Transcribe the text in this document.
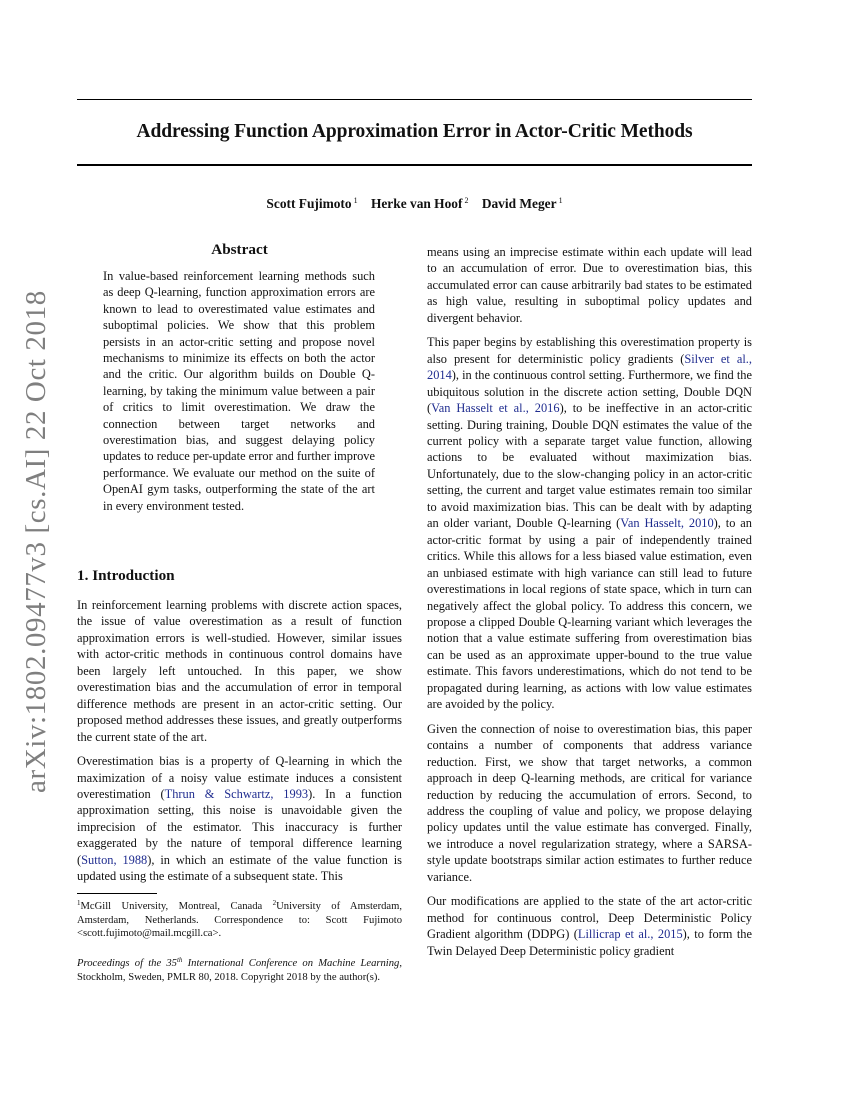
Addressing Function Approximation Error in Actor-Critic Methods
Scott Fujimoto $^1$ Herke van Hoof $^2$ David Meger $^1$
arXiv:1802.09477v3 [cs.AI] 22 Oct 2018
Abstract
In value-based reinforcement learning methods such as deep Q-learning, function approximation errors are known to lead to overestimated value estimates and suboptimal policies. We show that this problem persists in an actor-critic setting and propose novel mechanisms to minimize its effects on both the actor and the critic. Our algorithm builds on Double Q-learning, by taking the minimum value between a pair of critics to limit overestimation. We draw the connection between target networks and overestimation bias, and suggest delaying policy updates to reduce per-update error and further improve performance. We evaluate our method on the suite of OpenAI gym tasks, outperforming the state of the art in every environment tested.
1. Introduction

In reinforcement learning problems with discrete action spaces, the issue of value overestimation as a result of function approximation errors is well-studied. However, similar issues with actor-critic methods in continuous control domains have been largely left untouched. In this paper, we show overestimation bias and the accumulation of error in temporal difference methods are present in an actor-critic setting. Our proposed method addresses these issues, and greatly outperforms the current state of the art.

Overestimation bias is a property of Q-learning in which the maximization of a noisy value estimate induces a consistent overestimation (Thrun & Schwartz, 1993). In a function approximation setting, this noise is unavoidable given the imprecision of the estimator. This inaccuracy is further exaggerated by the nature of temporal difference learning (Sutton, 1988), in which an estimate of the value function is updated using the estimate of a subsequent state. This

means using an imprecise estimate within each update will lead to an accumulation of error. Due to overestimation bias, this accumulated error can cause arbitrarily bad states to be estimated as high value, resulting in suboptimal policy updates and divergent behavior.

This paper begins by establishing this overestimation property is also present for deterministic policy gradients (Silver et al., 2014), in the continuous control setting. Furthermore, we find the ubiquitous solution in the discrete action setting, Double DQN (Van Hasselt et al., 2016), to be ineffective in an actor-critic setting. During training, Double DQN estimates the value of the current policy with a separate target value function, allowing actions to be evaluated without maximization bias. Unfortunately, due to the slow-changing policy in an actor-critic setting, the current and target value estimates remain too similar to avoid maximization bias. This can be dealt with by adapting an older variant, Double Q-learning (Van Hasselt, 2010), to an actor-critic format by using a pair of independently trained critics. While this allows for a less biased value estimation, even an unbiased estimate with high variance can still lead to future overestimations in local regions of state space, which in turn can negatively affect the global policy. To address this concern, we propose a clipped Double Q-learning variant which leverages the notion that a value estimate suffering from overestimation bias can be used as an approximate upper-bound to the true value estimate. This favors underestimations, which do not tend to be propagated during learning, as actions with low value estimates are avoided by the policy.

Given the connection of noise to overestimation bias, this paper contains a number of components that address variance reduction. First, we show that target networks, a common approach in deep Q-learning methods, are critical for variance reduction by reducing the accumulation of errors. Second, to address the coupling of value and policy, we propose delaying policy updates until the value estimate has converged. Finally, we introduce a novel regularization strategy, where a SARSA-style update bootstraps similar action estimates to further reduce variance.

Our modifications are applied to the state of the art actor-critic method for continuous control, Deep Deterministic Policy Gradient algorithm (DDPG) (Lillicrap et al., 2015), to form the Twin Delayed Deep Deterministic policy gradient

$^1$McGill University, Montreal, Canada $^2$University of Amsterdam, Amsterdam, Netherlands. Correspondence to: Scott Fujimoto <scott.fujimoto@mail.mcgill.ca>.
Proceedings of the 35th International Conference on Machine Learning, Stockholm, Sweden, PMLR 80, 2018. Copyright 2018 by the author(s).
